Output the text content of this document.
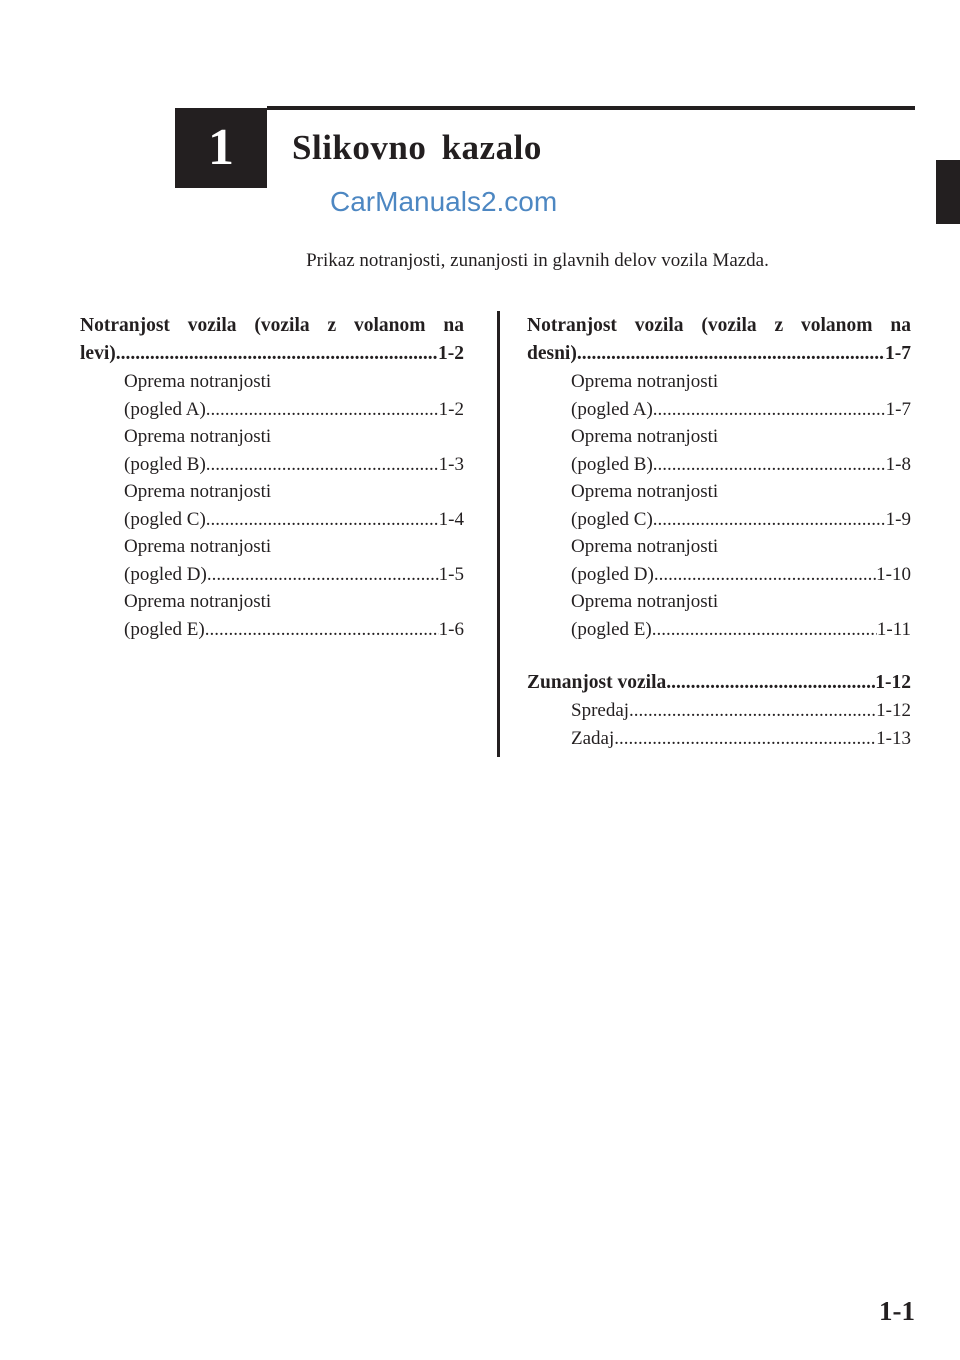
1 Slikovno kazalo
CarManuals2.com
Prikaz notranjosti, zunanjosti in glavnih delov vozila Mazda.
Notranjost vozila (vozila z volanom na
levi) .....	1-2
Oprema notranjosti
(pogled A) .....	1-2
Oprema notranjosti
(pogled B) .....	1-3
Oprema notranjosti
(pogled C) .....	1-4
Oprema notranjosti
(pogled D) .....	1-5
Oprema notranjosti
(pogled E) .....	1-6
Notranjost vozila (vozila z volanom na
desni) .....	1-7
Oprema notranjosti
(pogled A) .....	1-7
Oprema notranjosti
(pogled B) .....	1-8
Oprema notranjosti
(pogled C) .....	1-9
Oprema notranjosti
(pogled D) .....	1-10
Oprema notranjosti
(pogled E) .....	1-11
Zunanjost vozila .....	1-12
Spredaj .....	1-12
Zadaj .....	1-13
1-1
